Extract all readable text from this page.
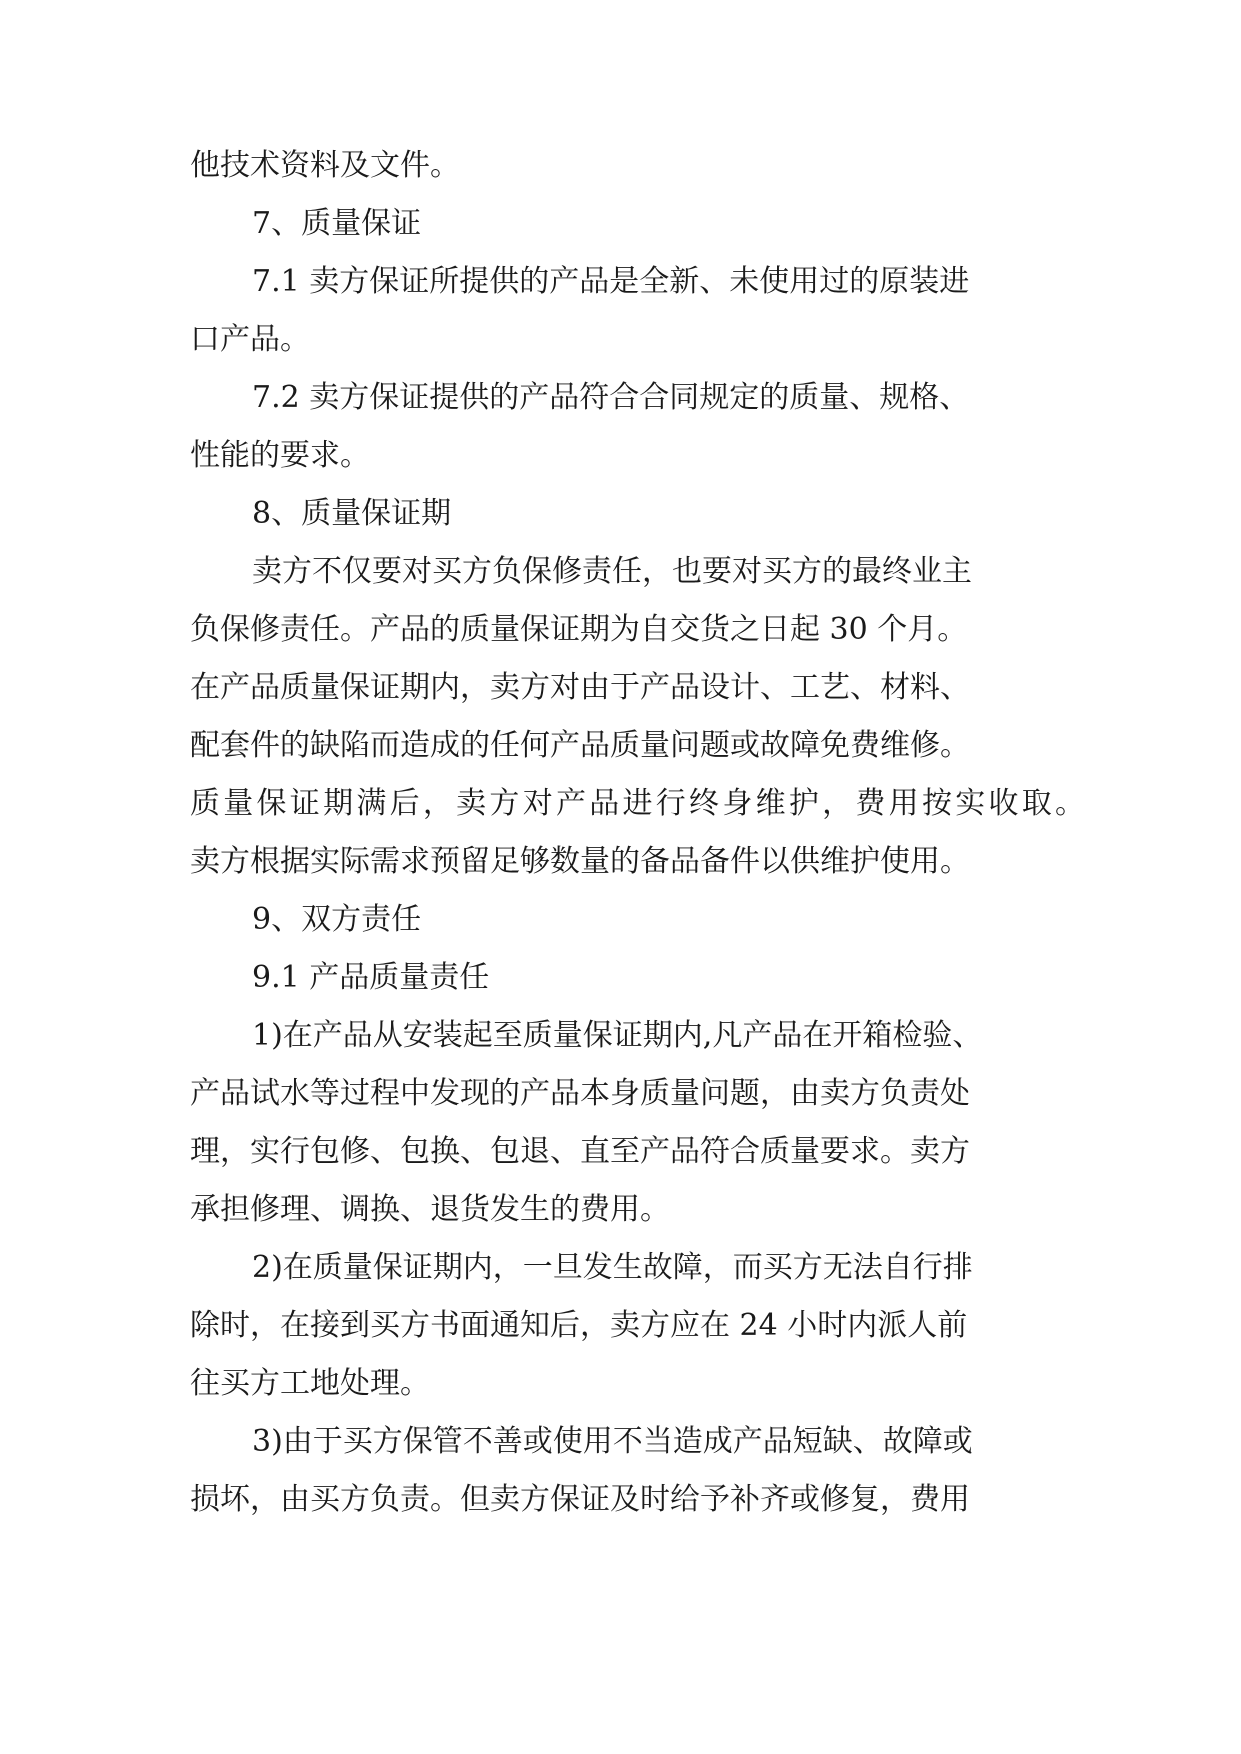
他技术资料及文件。
7、质量保证
7.1 卖方保证所提供的产品是全新、未使用过的原装进
口产品。
7.2 卖方保证提供的产品符合合同规定的质量、规格、
性能的要求。
8、质量保证期
卖方不仅要对买方负保修责任，也要对买方的最终业主
负保修责任。产品的质量保证期为自交货之日起 30 个月。
在产品质量保证期内，卖方对由于产品设计、工艺、材料、
配套件的缺陷而造成的任何产品质量问题或故障免费维修。
质量保证期满后，卖方对产品进行终身维护，费用按实收取。
卖方根据实际需求预留足够数量的备品备件以供维护使用。
9、双方责任
9.1 产品质量责任
1)在产品从安装起至质量保证期内,凡产品在开箱检验、
产品试水等过程中发现的产品本身质量问题，由卖方负责处
理，实行包修、包换、包退、直至产品符合质量要求。卖方
承担修理、调换、退货发生的费用。
2)在质量保证期内，一旦发生故障，而买方无法自行排
除时，在接到买方书面通知后，卖方应在 24 小时内派人前
往买方工地处理。
3)由于买方保管不善或使用不当造成产品短缺、故障或
损坏，由买方负责。但卖方保证及时给予补齐或修复，费用
